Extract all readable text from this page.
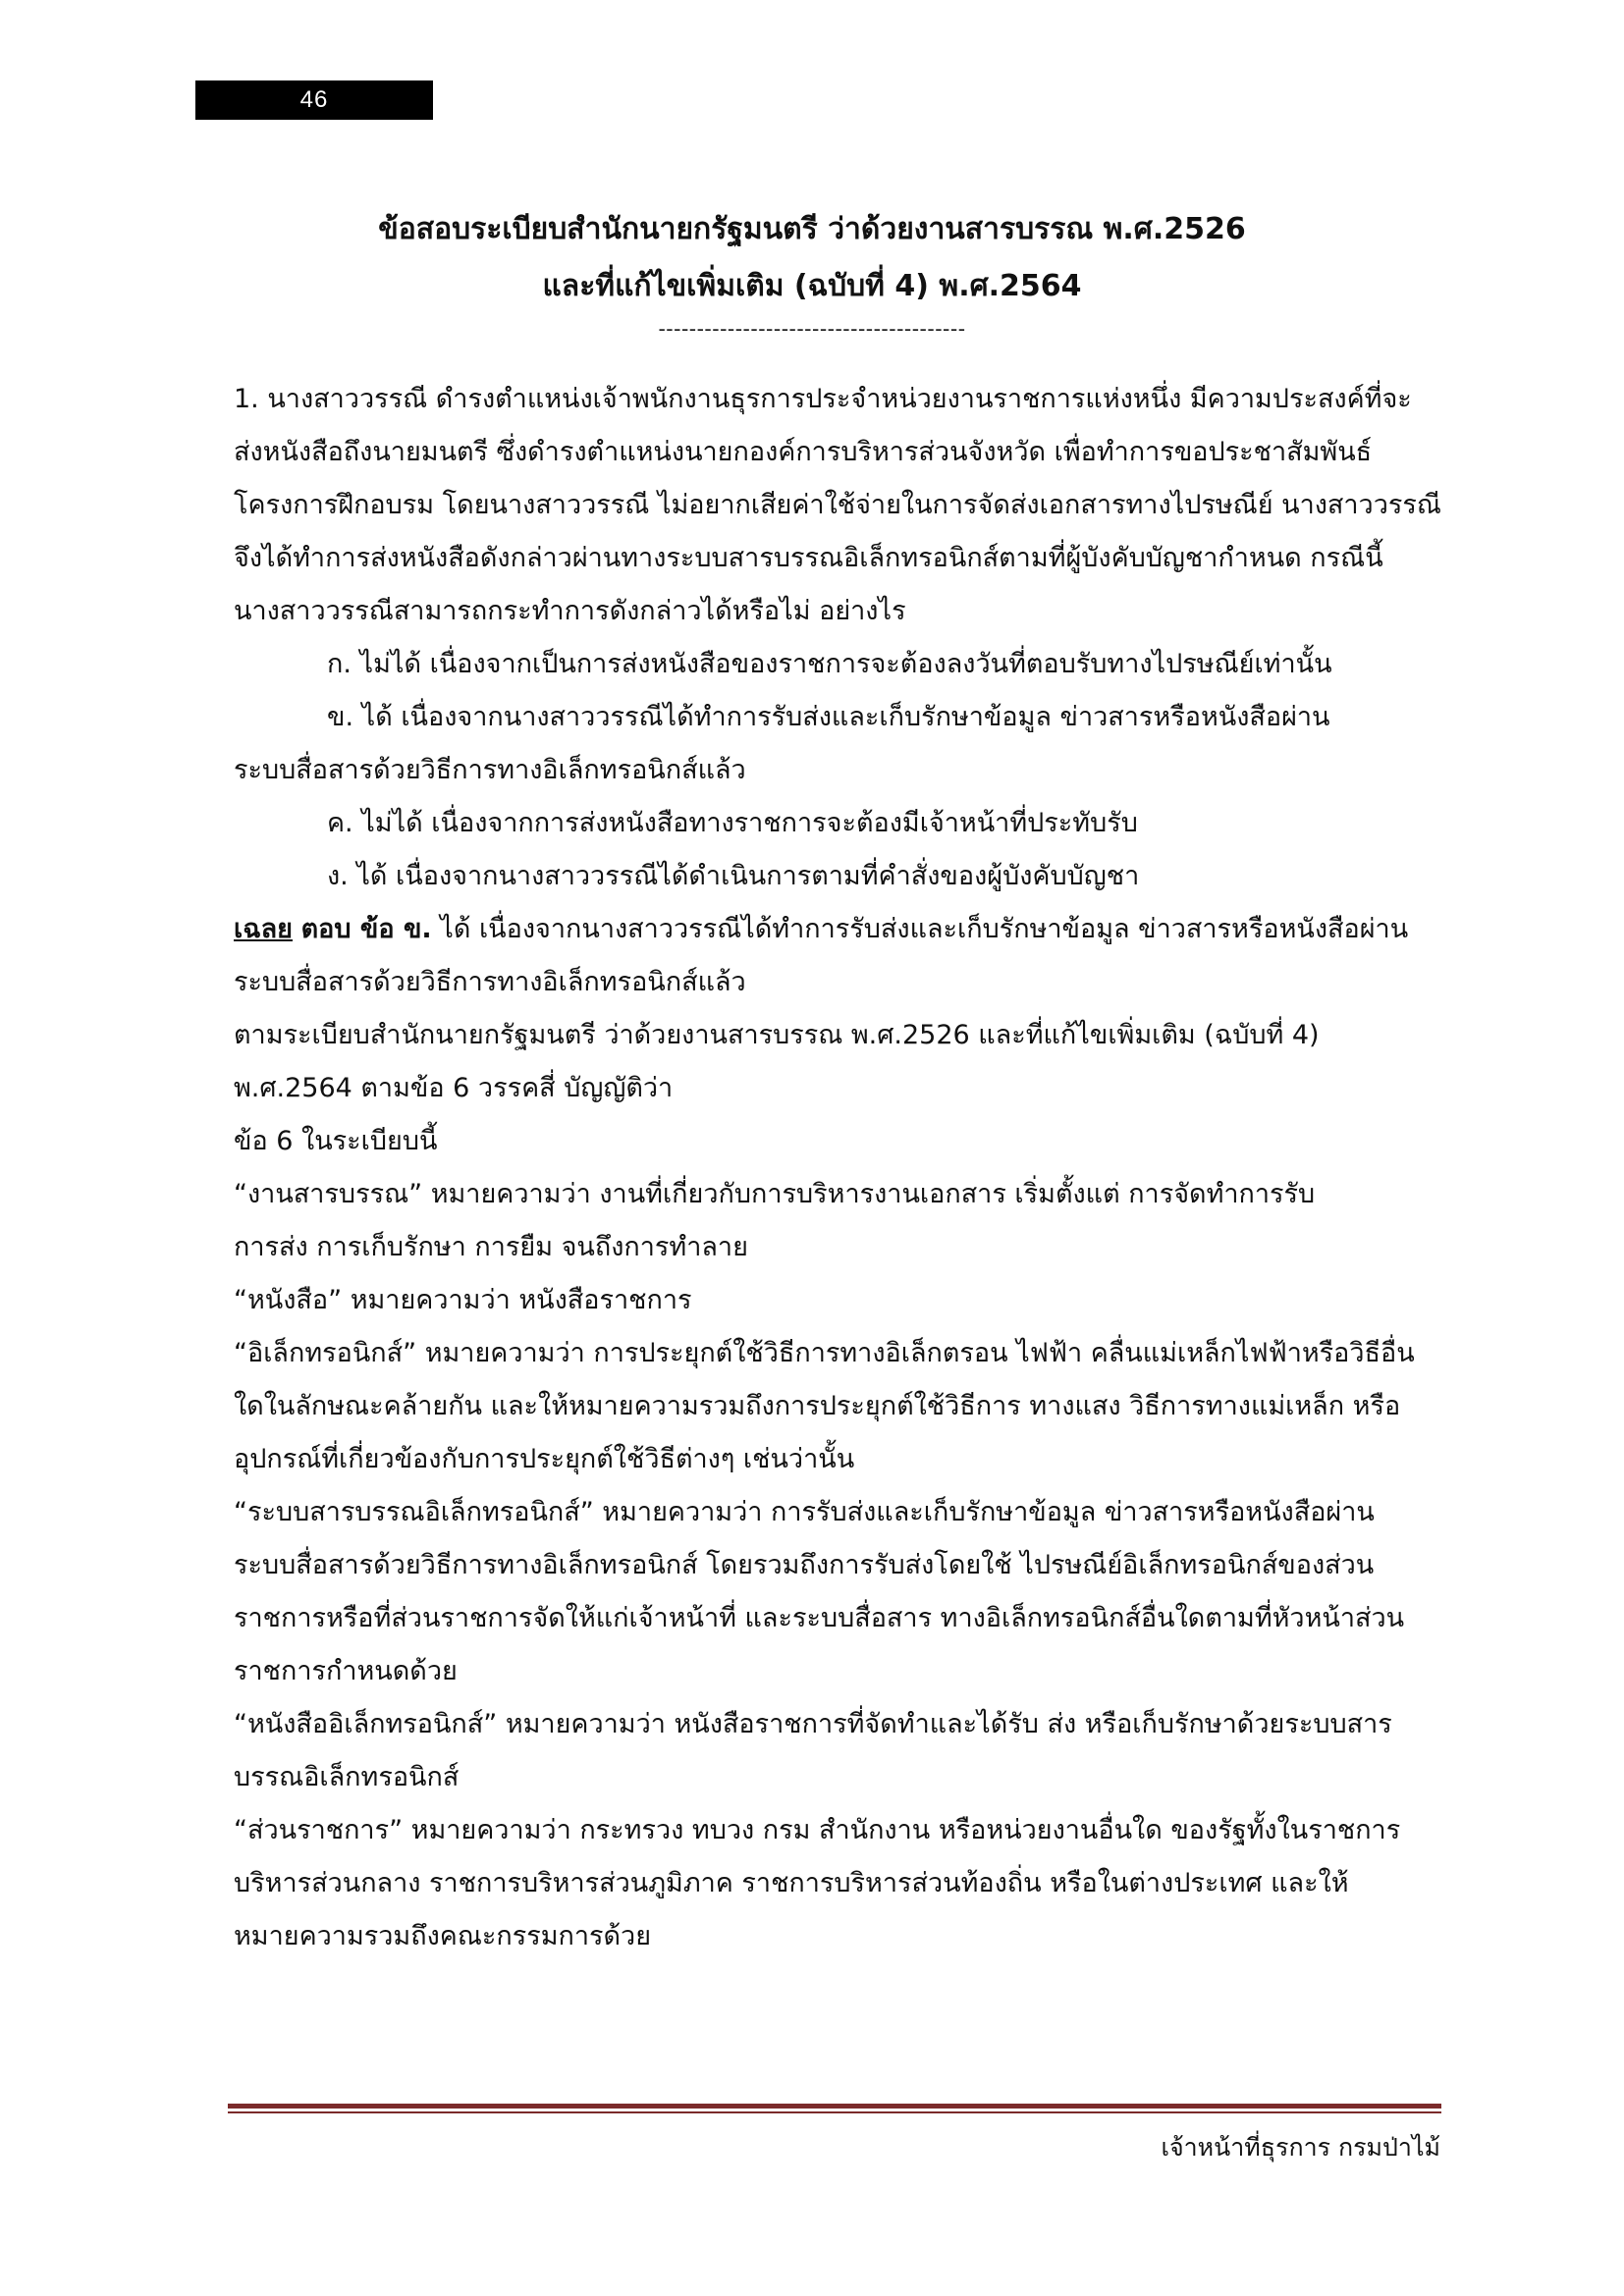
46
ข้อสอบระเบียบสำนักนายกรัฐมนตรี ว่าด้วยงานสารบรรณ พ.ศ.2526
และที่แก้ไขเพิ่มเติม (ฉบับที่ 4) พ.ศ.2564
----------------------------------------
1. นางสาววรรณี ดำรงตำแหน่งเจ้าพนักงานธุรการประจำหน่วยงานราชการแห่งหนึ่ง มีความประสงค์ที่จะ
ส่งหนังสือถึงนายมนตรี ซึ่งดำรงตำแหน่งนายกองค์การบริหารส่วนจังหวัด เพื่อทำการขอประชาสัมพันธ์
โครงการฝึกอบรม โดยนางสาววรรณี ไม่อยากเสียค่าใช้จ่ายในการจัดส่งเอกสารทางไปรษณีย์ นางสาววรรณี
จึงได้ทำการส่งหนังสือดังกล่าวผ่านทางระบบสารบรรณอิเล็กทรอนิกส์ตามที่ผู้บังคับบัญชากำหนด กรณีนี้
นางสาววรรณีสามารถกระทำการดังกล่าวได้หรือไม่ อย่างไร
ก. ไม่ได้ เนื่องจากเป็นการส่งหนังสือของราชการจะต้องลงวันที่ตอบรับทางไปรษณีย์เท่านั้น
ข. ได้ เนื่องจากนางสาววรรณีได้ทำการรับส่งและเก็บรักษาข้อมูล ข่าวสารหรือหนังสือผ่าน
ระบบสื่อสารด้วยวิธีการทางอิเล็กทรอนิกส์แล้ว
ค. ไม่ได้ เนื่องจากการส่งหนังสือทางราชการจะต้องมีเจ้าหน้าที่ประทับรับ
ง. ได้ เนื่องจากนางสาววรรณีได้ดำเนินการตามที่คำสั่งของผู้บังคับบัญชา
เฉลย ตอบ ข้อ ข. ได้ เนื่องจากนางสาววรรณีได้ทำการรับส่งและเก็บรักษาข้อมูล ข่าวสารหรือหนังสือผ่าน
ระบบสื่อสารด้วยวิธีการทางอิเล็กทรอนิกส์แล้ว
ตามระเบียบสำนักนายกรัฐมนตรี ว่าด้วยงานสารบรรณ พ.ศ.2526 และที่แก้ไขเพิ่มเติม (ฉบับที่ 4)
พ.ศ.2564 ตามข้อ 6 วรรคสี่ บัญญัติว่า
ข้อ 6 ในระเบียบนี้
“งานสารบรรณ” หมายความว่า งานที่เกี่ยวกับการบริหารงานเอกสาร เริ่มตั้งแต่ การจัดทำการรับ
การส่ง การเก็บรักษา การยืม จนถึงการทำลาย
“หนังสือ” หมายความว่า หนังสือราชการ
“อิเล็กทรอนิกส์” หมายความว่า การประยุกต์ใช้วิธีการทางอิเล็กตรอน ไฟฟ้า คลื่นแม่เหล็กไฟฟ้าหรือวิธีอื่น
ใดในลักษณะคล้ายกัน และให้หมายความรวมถึงการประยุกต์ใช้วิธีการ ทางแสง วิธีการทางแม่เหล็ก หรือ
อุปกรณ์ที่เกี่ยวข้องกับการประยุกต์ใช้วิธีต่างๆ เช่นว่านั้น
“ระบบสารบรรณอิเล็กทรอนิกส์” หมายความว่า การรับส่งและเก็บรักษาข้อมูล ข่าวสารหรือหนังสือผ่าน
ระบบสื่อสารด้วยวิธีการทางอิเล็กทรอนิกส์ โดยรวมถึงการรับส่งโดยใช้ ไปรษณีย์อิเล็กทรอนิกส์ของส่วน
ราชการหรือที่ส่วนราชการจัดให้แก่เจ้าหน้าที่ และระบบสื่อสาร ทางอิเล็กทรอนิกส์อื่นใดตามที่หัวหน้าส่วน
ราชการกำหนดด้วย
“หนังสืออิเล็กทรอนิกส์” หมายความว่า หนังสือราชการที่จัดทำและได้รับ ส่ง หรือเก็บรักษาด้วยระบบสาร
บรรณอิเล็กทรอนิกส์
“ส่วนราชการ” หมายความว่า กระทรวง ทบวง กรม สำนักงาน หรือหน่วยงานอื่นใด ของรัฐทั้งในราชการ
บริหารส่วนกลาง ราชการบริหารส่วนภูมิภาค ราชการบริหารส่วนท้องถิ่น หรือในต่างประเทศ และให้
หมายความรวมถึงคณะกรรมการด้วย
เจ้าหน้าที่ธุรการ กรมป่าไม้
